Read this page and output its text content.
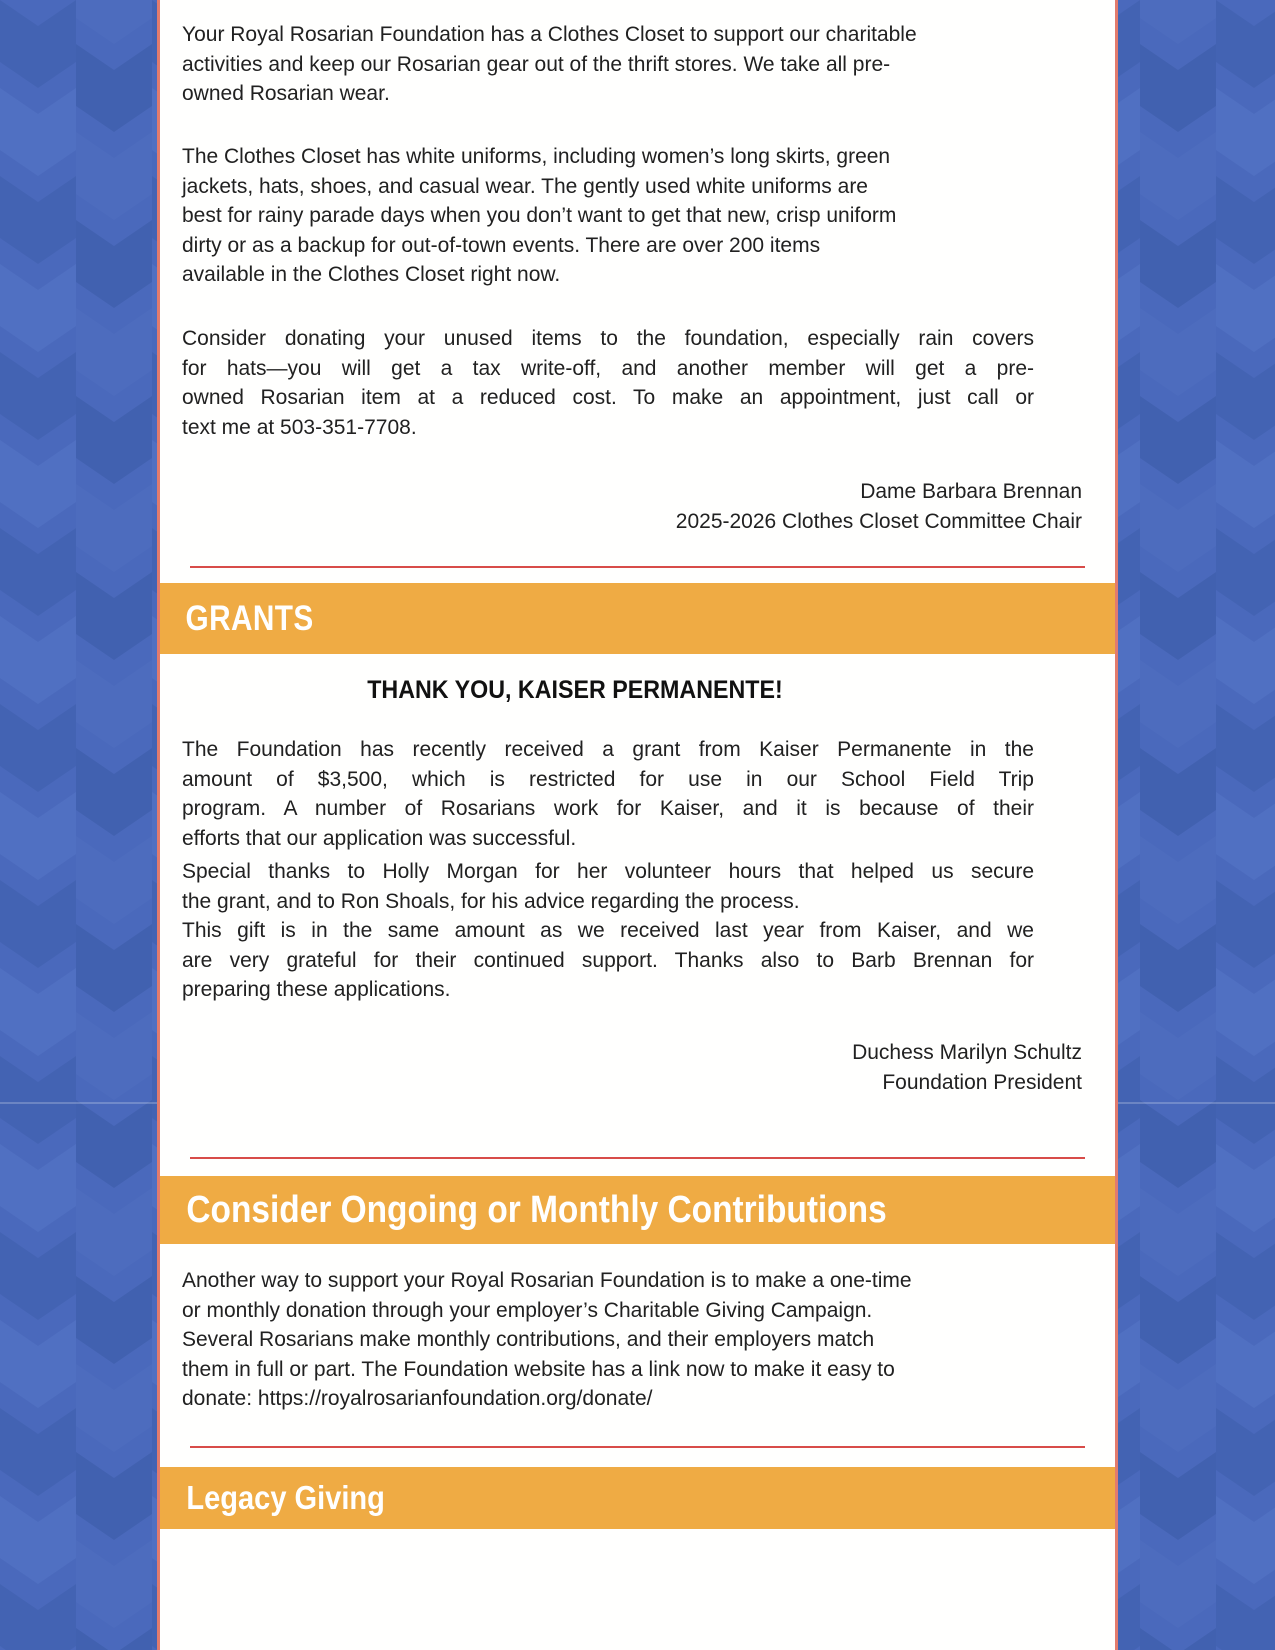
Your Royal Rosarian Foundation has a Clothes Closet to support our charitable
activities and keep our Rosarian gear out of the thrift stores. We take all pre-
owned Rosarian wear.
The Clothes Closet has white uniforms, including women’s long skirts, green
jackets, hats, shoes, and casual wear. The gently used white uniforms are
best for rainy parade days when you don’t want to get that new, crisp uniform
dirty or as a backup for out-of-town events. There are over 200 items
available in the Clothes Closet right now.
Consider donating your unused items to the foundation, especially rain covers
for hats—you will get a tax write-off, and another member will get a pre-
owned Rosarian item at a reduced cost. To make an appointment, just call or
text me at 503-351-7708.
Dame Barbara Brennan
2025-2026 Clothes Closet Committee Chair
GRANTS
THANK YOU, KAISER PERMANENTE!
The Foundation has recently received a grant from Kaiser Permanente in the
amount of $3,500, which is restricted for use in our School Field Trip
program. A number of Rosarians work for Kaiser, and it is because of their
efforts that our application was successful.
Special thanks to Holly Morgan for her volunteer hours that helped us secure
the grant, and to Ron Shoals, for his advice regarding the process.
This gift is in the same amount as we received last year from Kaiser, and we
are very grateful for their continued support. Thanks also to Barb Brennan for
preparing these applications.
Duchess Marilyn Schultz
Foundation President
Consider Ongoing or Monthly Contributions
Another way to support your Royal Rosarian Foundation is to make a one-time
or monthly donation through your employer’s Charitable Giving Campaign.
Several Rosarians make monthly contributions, and their employers match
them in full or part. The Foundation website has a link now to make it easy to
donate: https://royalrosarianfoundation.org/donate/
Legacy Giving
